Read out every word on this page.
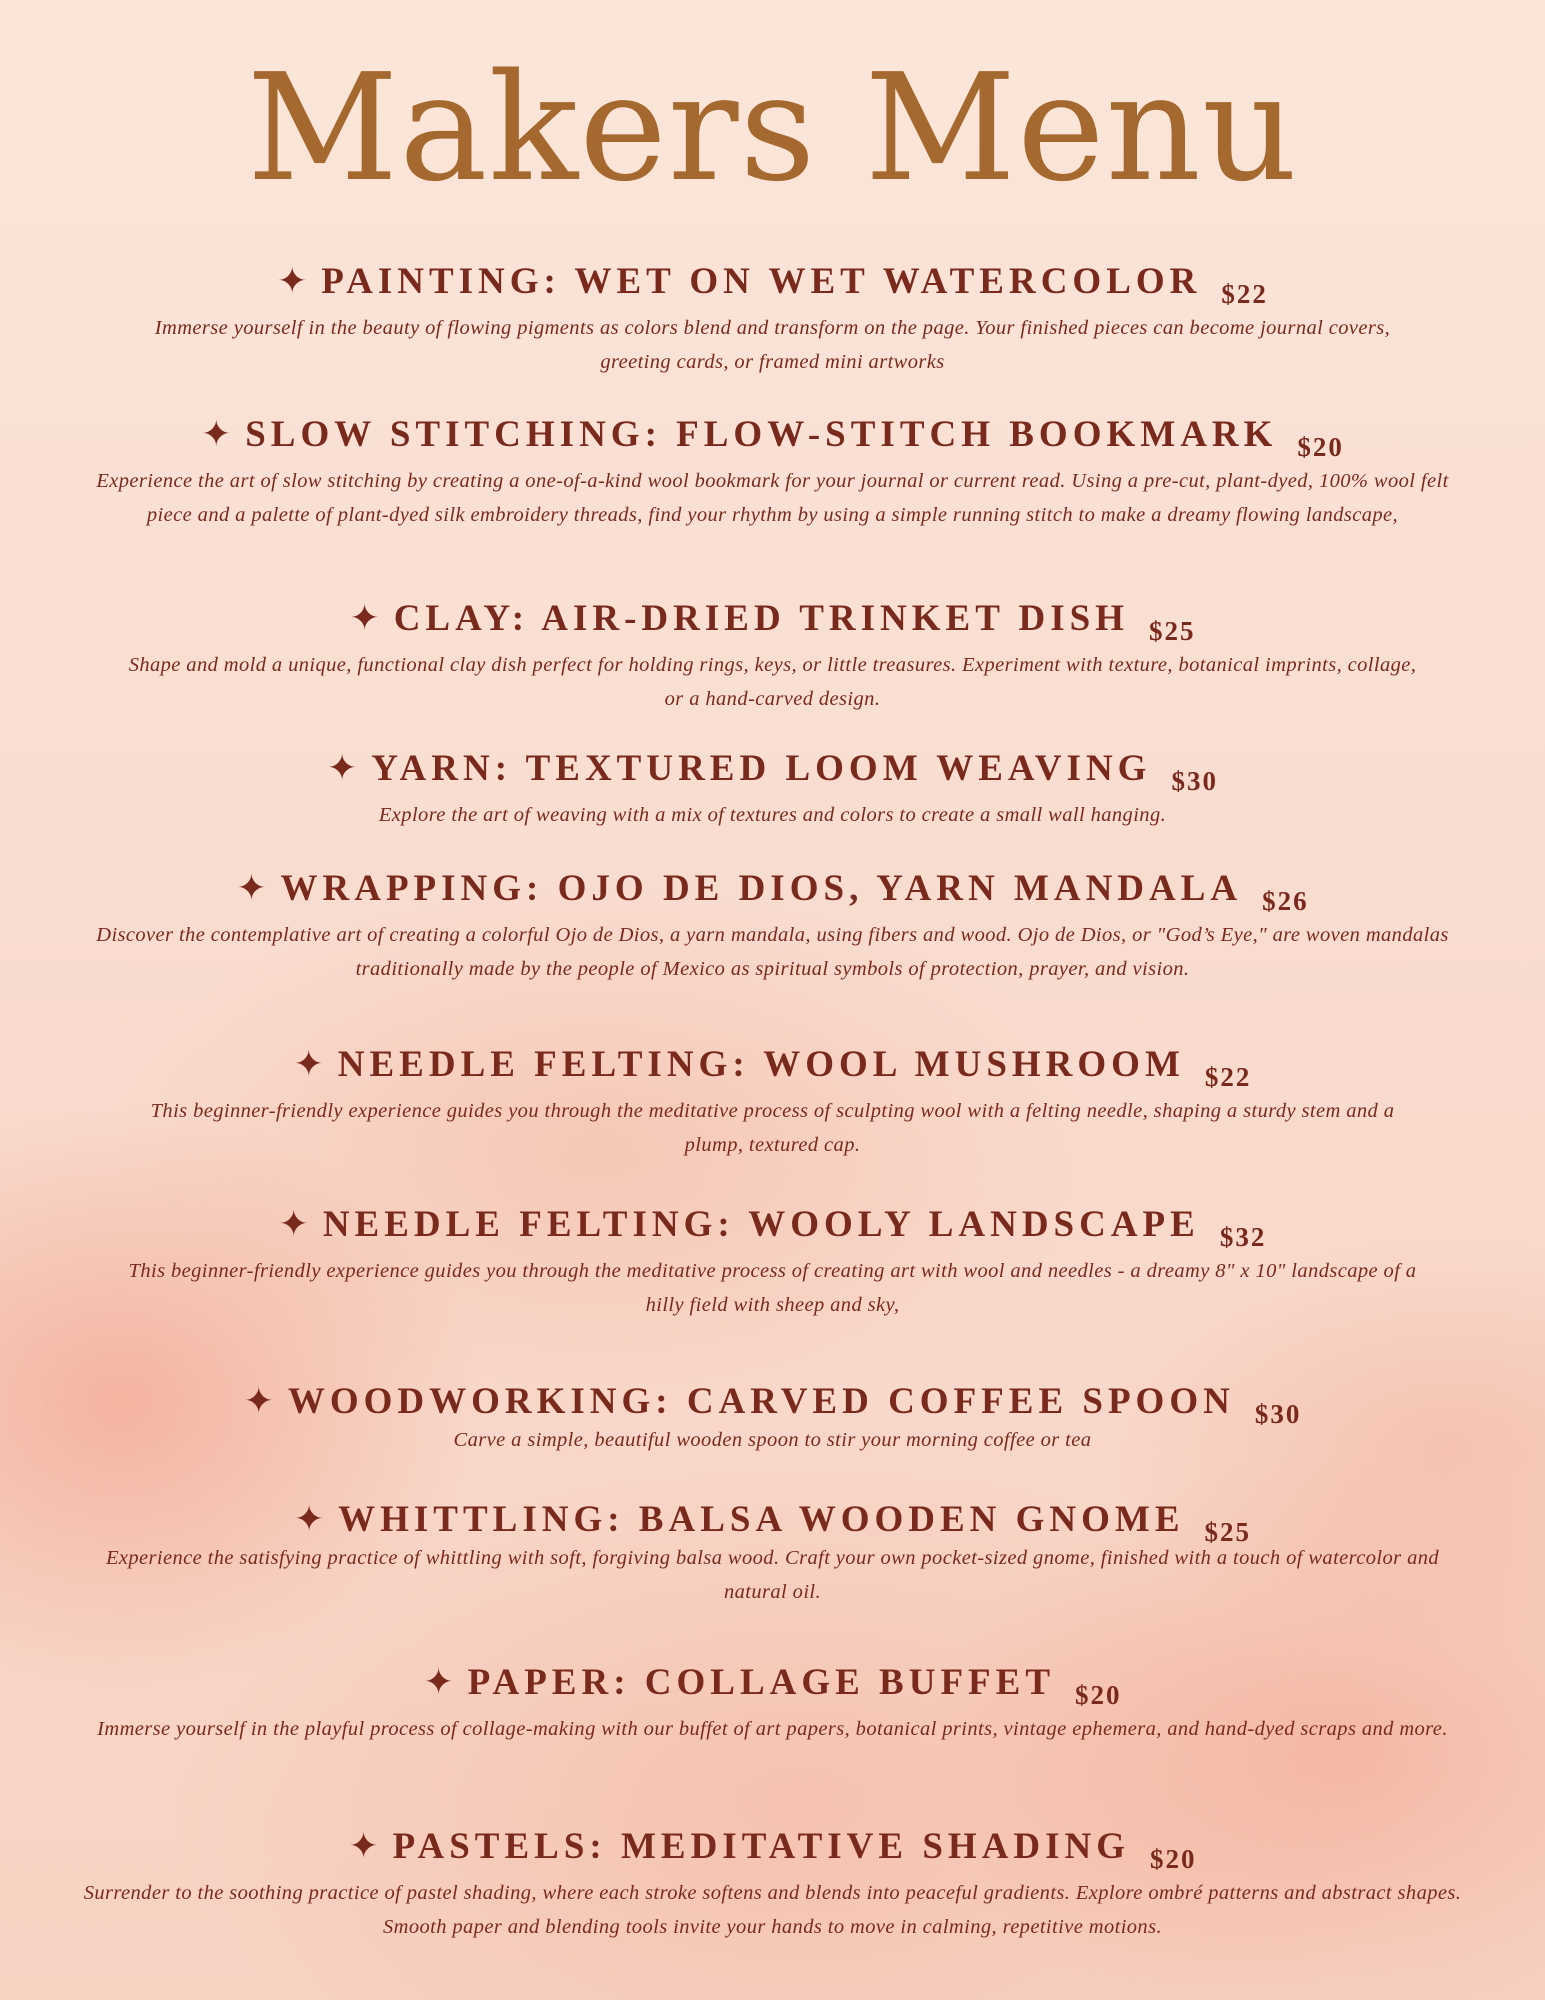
Makers Menu
✦ PAINTING: WET ON WET WATERCOLOR $_{\$22}$

Immerse yourself in the beauty of flowing pigments as colors blend and transform on the page. Your finished pieces can become journal covers, greeting cards, or framed mini artworks

✦ SLOW STITCHING: FLOW-STITCH BOOKMARK $_{\$20}$

Experience the art of slow stitching by creating a one-of-a-kind wool bookmark for your journal or current read. Using a pre-cut, plant-dyed, 100% wool felt piece and a palette of plant-dyed silk embroidery threads, find your rhythm by using a simple running stitch to make a dreamy flowing landscape,

✦ CLAY: AIR-DRIED TRINKET DISH $_{\$25}$

Shape and mold a unique, functional clay dish perfect for holding rings, keys, or little treasures. Experiment with texture, botanical imprints, collage, or a hand-carved design.

✦ YARN: TEXTURED LOOM WEAVING $_{\$30}$

Explore the art of weaving with a mix of textures and colors to create a small wall hanging.

✦ WRAPPING: OJO DE DIOS, YARN MANDALA $_{\$26}$

Discover the contemplative art of creating a colorful Ojo de Dios, a yarn mandala, using fibers and wood. Ojo de Dios, or "God’s Eye," are woven mandalas traditionally made by the people of Mexico as spiritual symbols of protection, prayer, and vision.

✦ NEEDLE FELTING: WOOL MUSHROOM $_{\$22}$

This beginner-friendly experience guides you through the meditative process of sculpting wool with a felting needle, shaping a sturdy stem and a plump, textured cap.

✦ NEEDLE FELTING: WOOLY LANDSCAPE $_{\$32}$

This beginner-friendly experience guides you through the meditative process of creating art with wool and needles - a dreamy 8" x 10" landscape of a hilly field with sheep and sky,

✦ WOODWORKING: CARVED COFFEE SPOON $_{\$30}$

Carve a simple, beautiful wooden spoon to stir your morning coffee or tea

✦ WHITTLING: BALSA WOODEN GNOME $_{\$25}$

Experience the satisfying practice of whittling with soft, forgiving balsa wood. Craft your own pocket-sized gnome, finished with a touch of watercolor and natural oil.

✦ PAPER: COLLAGE BUFFET $_{\$20}$

Immerse yourself in the playful process of collage-making with our buffet of art papers, botanical prints, vintage ephemera, and hand-dyed scraps and more.

✦ PASTELS: MEDITATIVE SHADING $_{\$20}$

Surrender to the soothing practice of pastel shading, where each stroke softens and blends into peaceful gradients. Explore ombré patterns and abstract shapes. Smooth paper and blending tools invite your hands to move in calming, repetitive motions.
